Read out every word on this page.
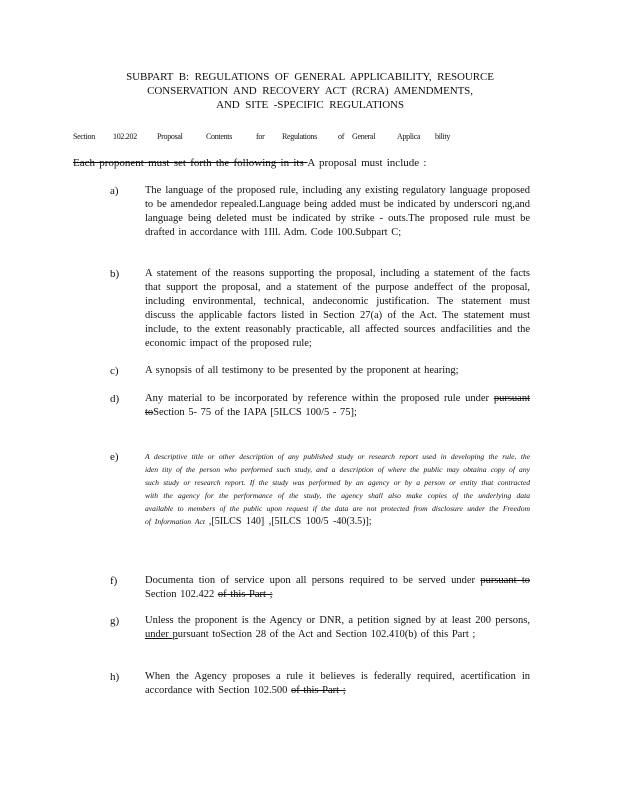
SUBPART B: REGULATIONS OF GENERAL APPLICABILITY, RESOURCE
CONSERVATION AND RECOVERY ACT (RCRA) AMENDMENTS,
AND SITE -SPECIFIC REGULATIONS
Section 102.202	Proposal	Contents	for Regulations	of General	Applica bility
Each proponent must set forth the following in its A proposal must include :
a)	The language of the proposed rule, including any existing regulatory language proposed to be amendedor repealed.Language being added must be indicated by underscori ng,and language being deleted must be indicated by strike - outs.The proposed rule must be drafted in accordance with 1Ill. Adm. Code 100.Subpart C;
b) A statement of the reasons supporting the proposal, including a statement of the facts that support the proposal, and a statement of the purpose andeffect of the proposal, including environmental, technical, andeconomic justification. The statement must discuss the applicable factors listed in Section 27(a) of the Act. The statement must include, to the extent reasonably practicable, all affected sources andfacilities and the economic impact of the proposed rule;
c)	A synopsis of all testimony to be presented by the proponent at hearing;
d) Any material to be incorporated by reference within the proposed rule under pursuant toSection 5- 75 of the IAPA [5ILCS 100/5 - 75];
e)	A descriptive title or other description of any published study or research report used in developing the rule, the iden tity of the person who performed such study, and a description of where the public may obtaina copy of any such study or research report. If the study was performed by an agency or by a person or entity that contracted with the agency for the performance of the study, the agency shall also make copies of the underlying data available to members of the public upon request if the data are not protected from disclosure under the Freedom of Information Act ,[5ILCS 140] ,[5ILCS 100/5 -40(3.5)];
f)	Documenta tion of service upon all persons required to be served under pursuant to Section 102.422 of this Part ;
g) Unless the proponent is the Agency or DNR, a petition signed by at least 200 persons, under pursuant toSection 28 of the Act and Section 102.410(b) of this Part ;
h) When the Agency proposes a rule it believes is federally required, acertification in accordance with Section 102.500 of this Part ;
